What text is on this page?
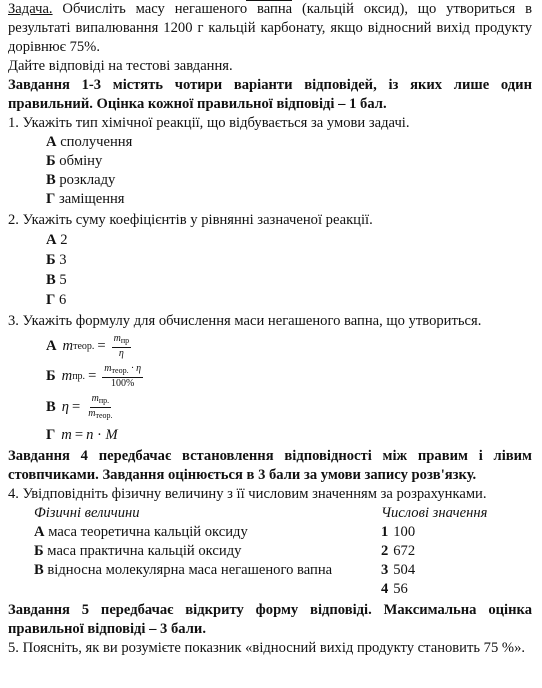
Задача. Обчисліть масу негашеного вапна (кальцій оксид), що утвориться в результаті випалювання 1200 г кальцій карбонату, якщо відносний вихід продукту дорівнює 75%.

Дайте відповіді на тестові завдання.

Завдання 1-3 містять чотири варіанти відповідей, із яких лише один правильний. Оцінка кожної правильної відповіді – 1 бал.

1. Укажіть тип хімічної реакції, що відбувається за умови задачі.

А сполучення
Б обміну
В розкладу
Г заміщення

2. Укажіть суму коефіцієнтів у рівнянні зазначеної реакції.

А 2
Б 3
В 5
Г 6

3. Укажіть формулу для обчислення маси негашеного вапна, що утвориться.

А m теор. = $\frac{m_{пр}}{\eta}$
Б m пр. = $\frac{m_{теор.} \cdot \eta}{100\%}$
В $\eta = \frac{m_{пр.}}{m_{теор.}}$
Г m = n · M

Завдання 4 передбачає встановлення відповідності між правим і лівим стовпчиками. Завдання оцінюється в 3 бали за умови запису розв'язку.

4. Увідповідніть фізичну величину з її числовим значенням за розрахунками.

Фізичні величини	Числові значення
А маса теоретична кальцій оксиду	1 100
Б маса практична кальцій оксиду	2 672
В відносна молекулярна маса негашеного вапна	3 504
	4 56

Завдання 5 передбачає відкриту форму відповіді. Максимальна оцінка правильної відповіді – 3 бали.

5. Поясніть, як ви розумієте показник «відносний вихід продукту становить 75 %».
